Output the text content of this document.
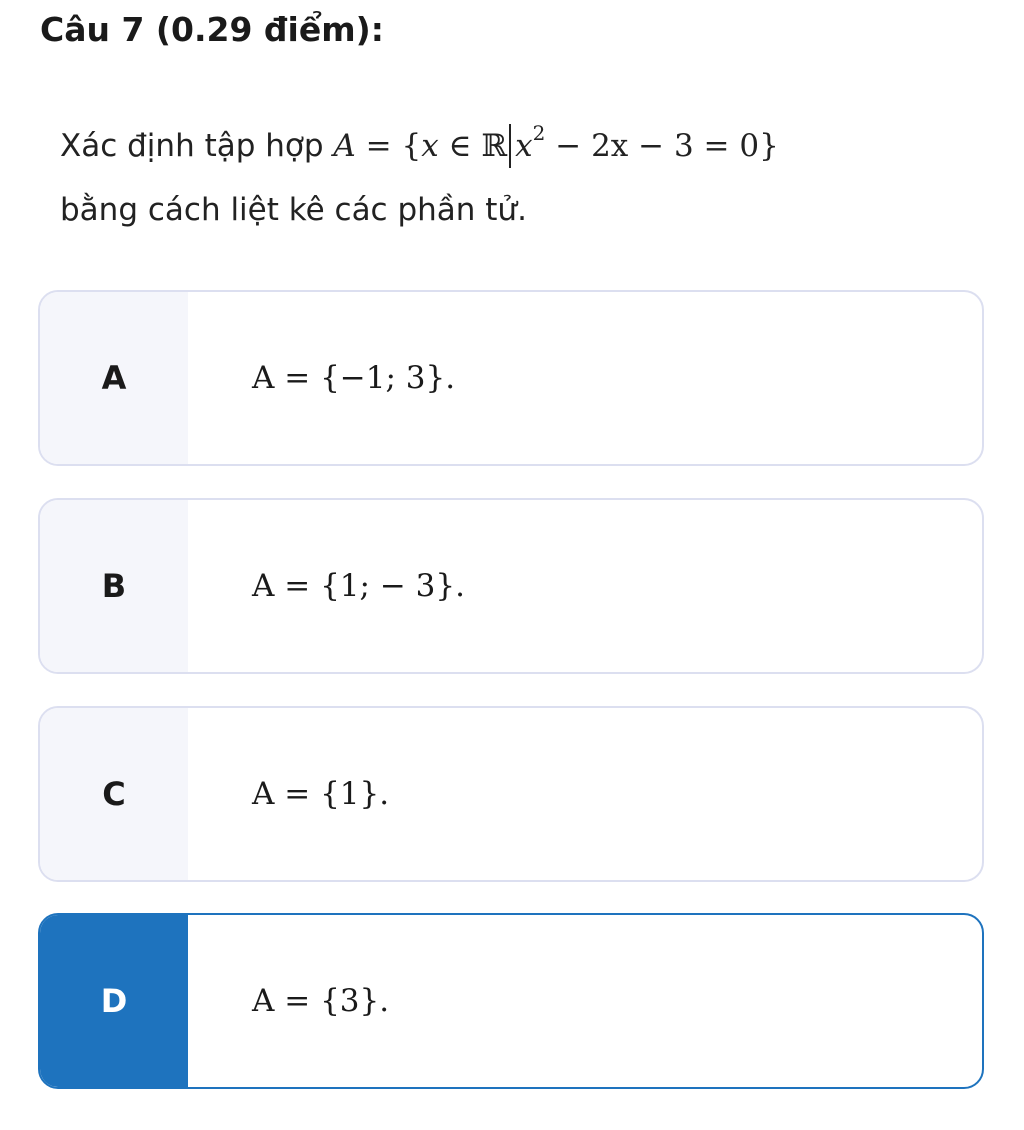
Câu 7 (0.29 điểm):
Xác định tập hợp A = {x ∈ ℝ $x^2 - 2x - 3 = 0$}
bằng cách liệt kê các phần tử.
A	A = {−1; 3}.
B	A = {1; − 3}.
C	A = {1}.
D	A = {3}.
